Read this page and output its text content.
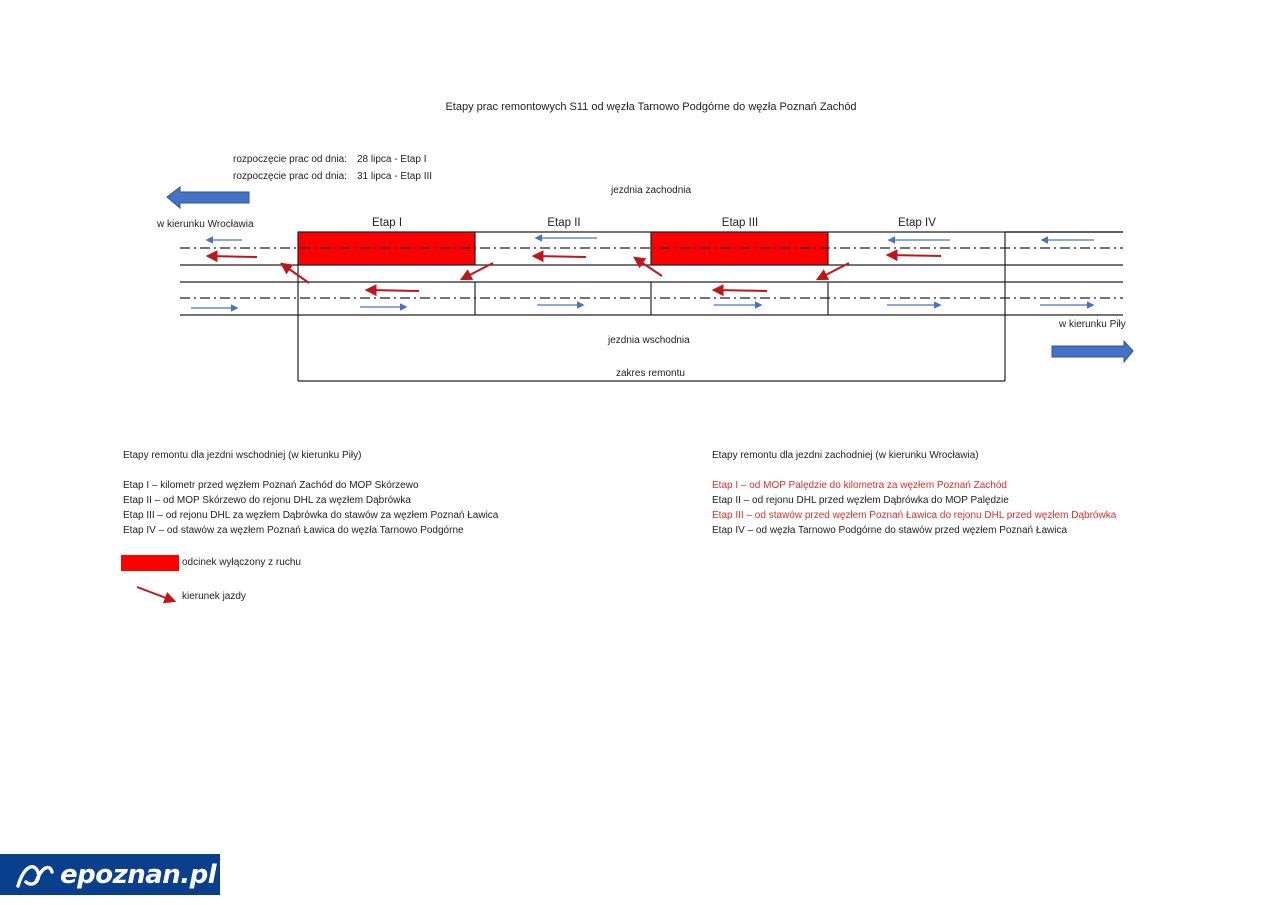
Etapy prac remontowych S11 od węzła Tarnowo Podgórne do węzła Poznań Zachód
rozpoczęcie prac od dnia: 28 lipca - Etap I
rozpoczęcie prac od dnia: 31 lipca - Etap III
jezdnia zachodnia
w kierunku Wrocławia
w kierunku Piły
Etap I	Etap II	Etap III	Etap IV
jezdnia wschodnia
zakres remontu
Etapy remontu dla jezdni wschodniej (w kierunku Piły)
Etap I – kilometr przed węzłem Poznań Zachód do MOP Skórzewo
Etap II – od MOP Skórzewo do rejonu DHL za węzłem Dąbrówka
Etap III – od rejonu DHL za węzłem Dąbrówka do stawów za węzłem Poznań Ławica
Etap IV – od stawów za węzłem Poznań Ławica do węzła Tarnowo Podgórne
Etapy remontu dla jezdni zachodniej (w kierunku Wrocławia)
Etap I – od MOP Palędzie do kilometra za węzłem Poznań Zachód
Etap II – od rejonu DHL przed węzłem Dąbrówka do MOP Palędzie
Etap III – od stawów przed węzłem Poznań Ławica do rejonu DHL przed węzłem Dąbrówka
Etap IV – od węzła Tarnowo Podgórne do stawów przed węzłem Poznań Ławica
odcinek wyłączony z ruchu
kierunek jazdy
epoznan.pl
